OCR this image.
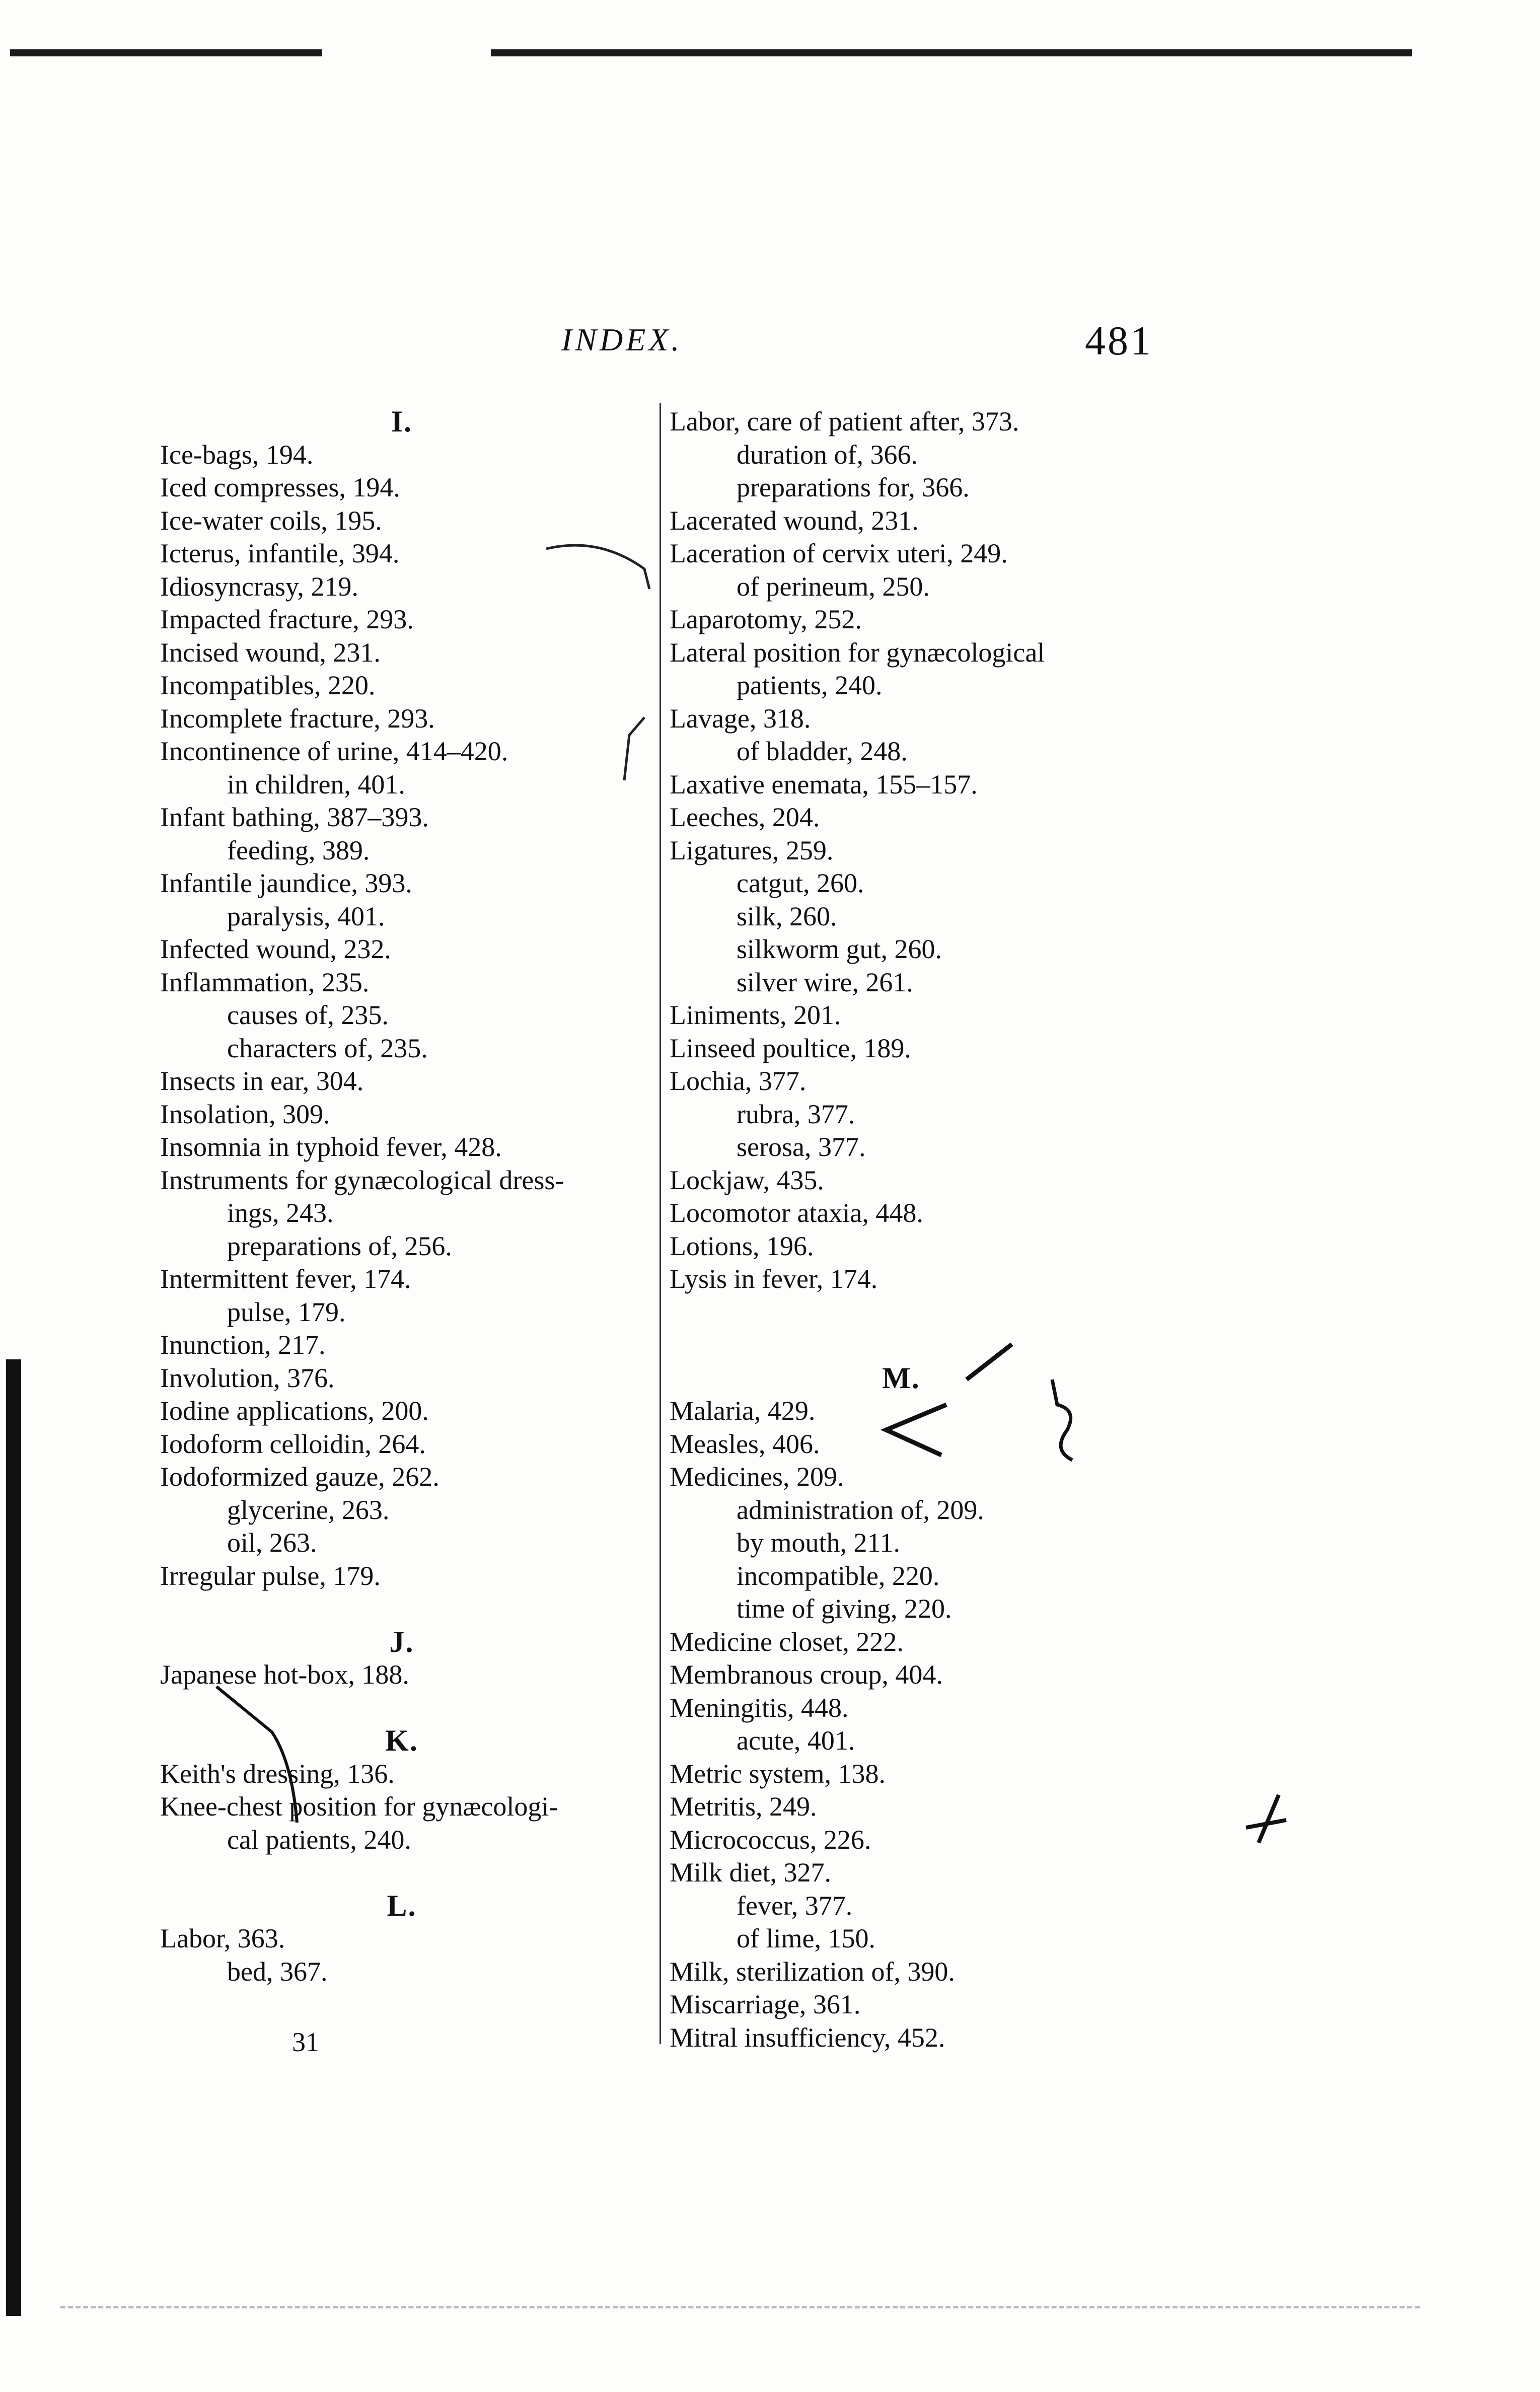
INDEX.	481
I.
Ice-bags, 194.
Iced compresses, 194.
Ice-water coils, 195.
Icterus, infantile, 394.
Idiosyncrasy, 219.
Impacted fracture, 293.
Incised wound, 231.
Incompatibles, 220.
Incomplete fracture, 293.
Incontinence of urine, 414–420.
in children, 401.
Infant bathing, 387–393.
feeding, 389.
Infantile jaundice, 393.
paralysis, 401.
Infected wound, 232.
Inflammation, 235.
causes of, 235.
characters of, 235.
Insects in ear, 304.
Insolation, 309.
Insomnia in typhoid fever, 428.
Instruments for gynæcological dress-
ings, 243.
preparations of, 256.
Intermittent fever, 174.
pulse, 179.
Inunction, 217.
Involution, 376.
Iodine applications, 200.
Iodoform celloidin, 264.
Iodoformized gauze, 262.
glycerine, 263.
oil, 263.
Irregular pulse, 179.
J.
Japanese hot-box, 188.
K.
Keith's dressing, 136.
Knee-chest position for gynæcologi-
cal patients, 240.
L.
Labor, 363.
bed, 367.
Labor, care of patient after, 373.
duration of, 366.
preparations for, 366.
Lacerated wound, 231.
Laceration of cervix uteri, 249.
of perineum, 250.
Laparotomy, 252.
Lateral position for gynæcological
patients, 240.
Lavage, 318.
of bladder, 248.
Laxative enemata, 155–157.
Leeches, 204.
Ligatures, 259.
catgut, 260.
silk, 260.
silkworm gut, 260.
silver wire, 261.
Liniments, 201.
Linseed poultice, 189.
Lochia, 377.
rubra, 377.
serosa, 377.
Lockjaw, 435.
Locomotor ataxia, 448.
Lotions, 196.
Lysis in fever, 174.
M.
Malaria, 429.
Measles, 406.
Medicines, 209.
administration of, 209.
by mouth, 211.
incompatible, 220.
time of giving, 220.
Medicine closet, 222.
Membranous croup, 404.
Meningitis, 448.
acute, 401.
Metric system, 138.
Metritis, 249.
Micrococcus, 226.
Milk diet, 327.
fever, 377.
of lime, 150.
Milk, sterilization of, 390.
Miscarriage, 361.
Mitral insufficiency, 452.
31
